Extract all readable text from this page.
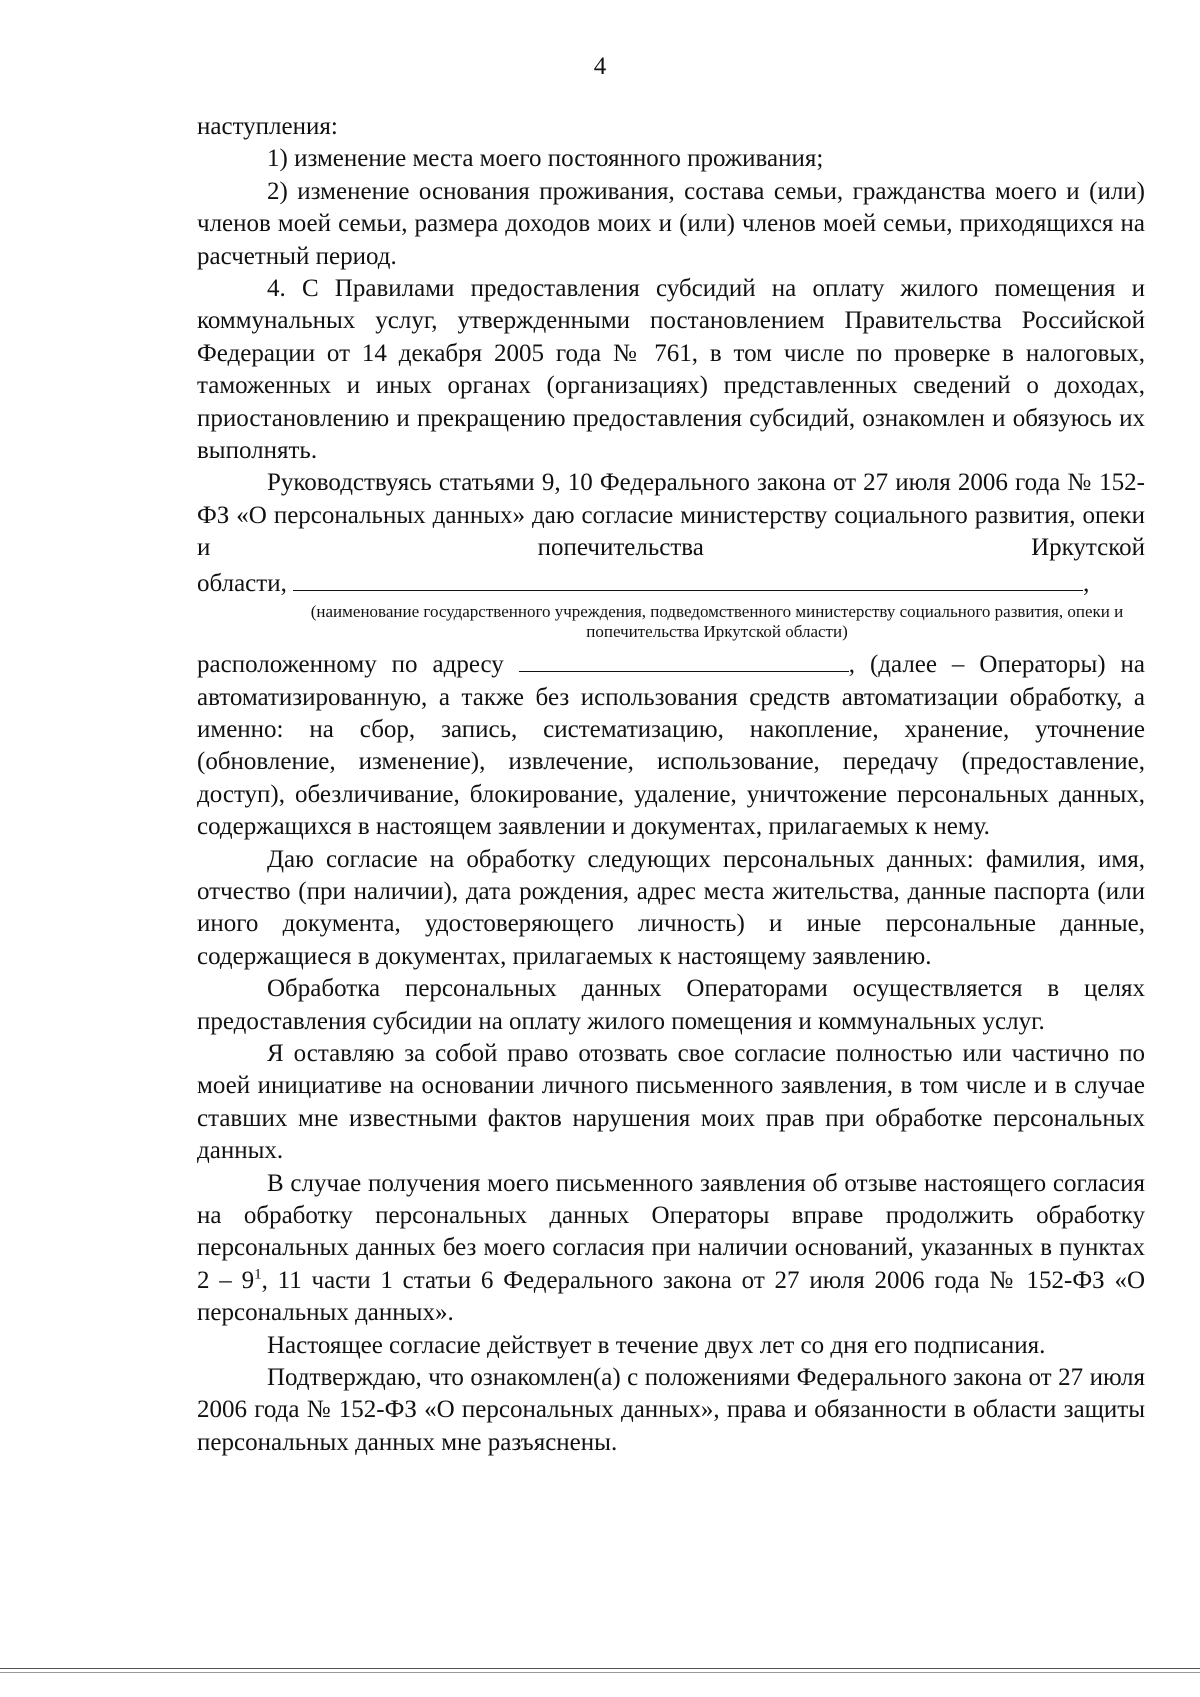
4

наступления:

1) изменение места моего постоянного проживания;

2) изменение основания проживания, состава семьи, гражданства моего и (или) членов моей семьи, размера доходов моих и (или) членов моей семьи, приходящихся на расчетный период.

4. С Правилами предоставления субсидий на оплату жилого помещения и коммунальных услуг, утвержденными постановлением Правительства Российской Федерации от 14 декабря 2005 года № 761, в том числе по проверке в налоговых, таможенных и иных органах (организациях) представленных сведений о доходах, приостановлению и прекращению предоставления субсидий, ознакомлен и обязуюсь их выполнять.

Руководствуясь статьями 9, 10 Федерального закона от 27 июля 2006 года № 152-ФЗ «О персональных данных» даю согласие министерству социального развития, опеки и попечительства Иркутской

области,	,

(наименование государственного учреждения, подведомственного министерству социального развития, опеки и попечительства Иркутской области)

расположенному по адресу	, (далее – Операторы) на автоматизированную, а также без использования средств автоматизации обработку, а именно: на сбор, запись, систематизацию, накопление, хранение, уточнение (обновление, изменение), извлечение, использование, передачу (предоставление, доступ), обезличивание, блокирование, удаление, уничтожение персональных данных, содержащихся в настоящем заявлении и документах, прилагаемых к нему.

Даю согласие на обработку следующих персональных данных: фамилия, имя, отчество (при наличии), дата рождения, адрес места жительства, данные паспорта (или иного документа, удостоверяющего личность) и иные персональные данные, содержащиеся в документах, прилагаемых к настоящему заявлению.

Обработка персональных данных Операторами осуществляется в целях предоставления субсидии на оплату жилого помещения и коммунальных услуг.

Я оставляю за собой право отозвать свое согласие полностью или частично по моей инициативе на основании личного письменного заявления, в том числе и в случае ставших мне известными фактов нарушения моих прав при обработке персональных данных.

В случае получения моего письменного заявления об отзыве настоящего согласия на обработку персональных данных Операторы вправе продолжить обработку персональных данных без моего согласия при наличии оснований, указанных в пунктах $2 - 9^1$, 11 части 1 статьи 6 Федерального закона от 27 июля 2006 года № 152-ФЗ «О персональных данных».

Настоящее согласие действует в течение двух лет со дня его подписания.

Подтверждаю, что ознакомлен(а) с положениями Федерального закона от 27 июля 2006 года № 152-ФЗ «О персональных данных», права и обязанности в области защиты персональных данных мне разъяснены.
